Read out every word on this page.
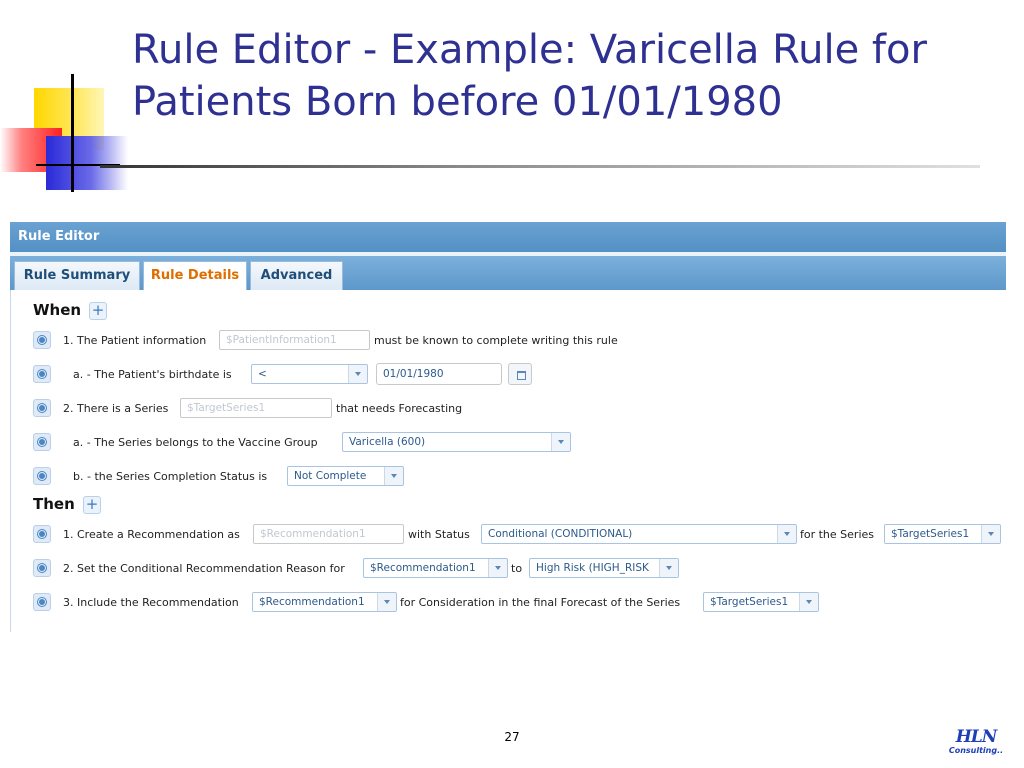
Rule Editor - Example: Varicella Rule for Patients Born before 01/01/1980
Rule Editor
Rule Summary	Rule Details	Advanced
When +
1. The Patient information	$PatientInformation1	must be known to complete writing this rule
a. - The Patient's birthdate is	<	01/01/1980
2. There is a Series	$TargetSeries1	that needs Forecasting
a. - The Series belongs to the Vaccine Group	Varicella (600)
b. - the Series Completion Status is	Not Complete
Then +
1. Create a Recommendation as	$Recommendation1	with Status	Conditional (CONDITIONAL)	for the Series	$TargetSeries1
2. Set the Conditional Recommendation Reason for	$Recommendation1	to	High Risk (HIGH_RISK
3. Include the Recommendation	$Recommendation1	for Consideration in the final Forecast of the Series	$TargetSeries1
27	HLN
Consulting..
